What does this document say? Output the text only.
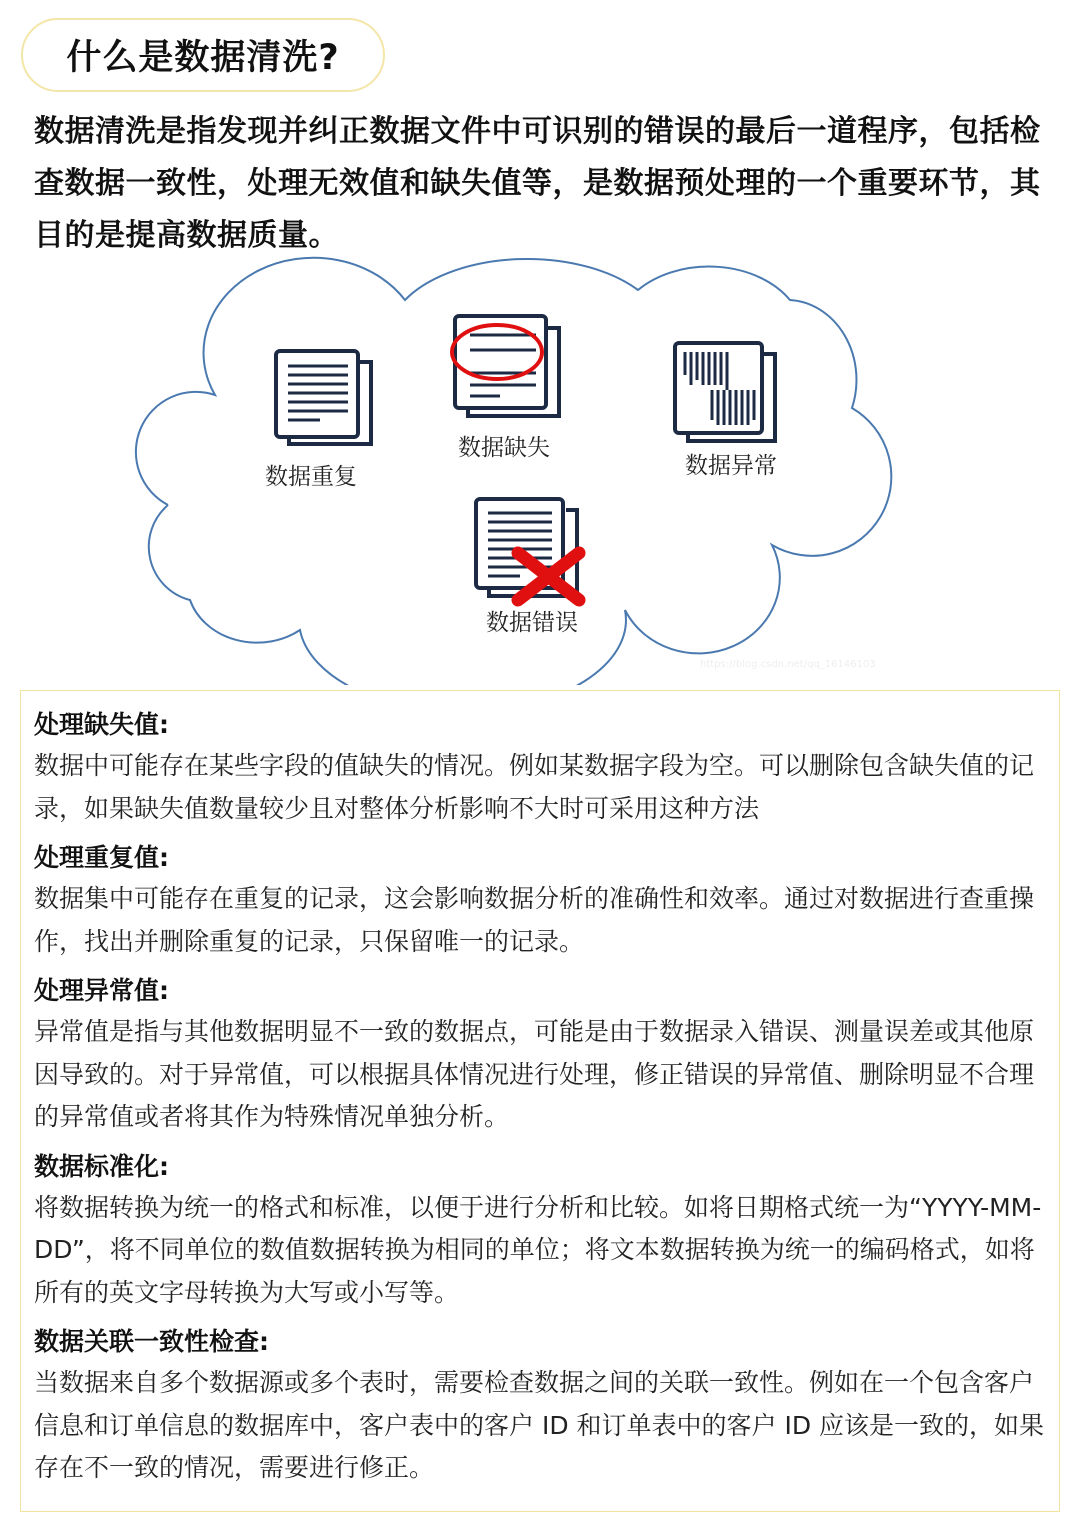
什么是数据清洗?
数据清洗是指发现并纠正数据文件中可识别的错误的最后一道程序，包括检查数据一致性，处理无效值和缺失值等，是数据预处理的一个重要环节，其目的是提高数据质量。
数据重复
数据缺失
数据异常
数据错误
https://blog.csdn.net/qq_16146103
处理缺失值:

数据中可能存在某些字段的值缺失的情况。例如某数据字段为空。可以删除包含缺失值的记录，如果缺失值数量较少且对整体分析影响不大时可采用这种方法

处理重复值:

数据集中可能存在重复的记录，这会影响数据分析的准确性和效率。通过对数据进行查重操作，找出并删除重复的记录，只保留唯一的记录。

处理异常值:

异常值是指与其他数据明显不一致的数据点，可能是由于数据录入错误、测量误差或其他原因导致的。对于异常值，可以根据具体情况进行处理，修正错误的异常值、删除明显不合理的异常值或者将其作为特殊情况单独分析。

数据标准化:

将数据转换为统一的格式和标准，以便于进行分析和比较。如将日期格式统一为“YYYY-MM-DD”，将不同单位的数值数据转换为相同的单位；将文本数据转换为统一的编码格式，如将所有的英文字母转换为大写或小写等。

数据关联一致性检查:

当数据来自多个数据源或多个表时，需要检查数据之间的关联一致性。例如在一个包含客户信息和订单信息的数据库中，客户表中的客户 ID 和订单表中的客户 ID 应该是一致的，如果存在不一致的情况，需要进行修正。
